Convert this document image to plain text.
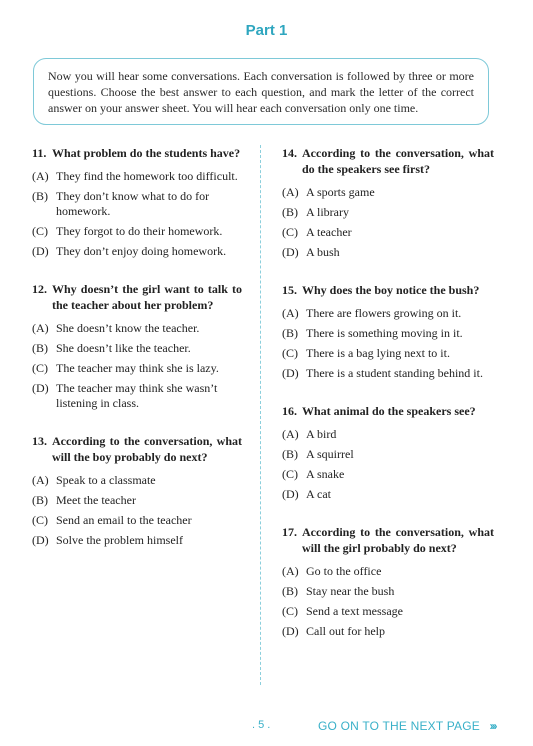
Part 1
Now you will hear some conversations. Each conversation is followed by three or more questions. Choose the best answer to each question, and mark the letter of the correct answer on your answer sheet. You will hear each conversation only one time.
11. What problem do the students have?
(A) They find the homework too difficult.
(B) They don’t know what to do for homework.
(C) They forgot to do their homework.
(D) They don’t enjoy doing homework.
12. Why doesn’t the girl want to talk to the teacher about her problem?
(A) She doesn’t know the teacher.
(B) She doesn’t like the teacher.
(C) The teacher may think she is lazy.
(D) The teacher may think she wasn’t listening in class.
13. According to the conversation, what will the boy probably do next?
(A) Speak to a classmate
(B) Meet the teacher
(C) Send an email to the teacher
(D) Solve the problem himself
14. According to the conversation, what do the speakers see first?
(A) A sports game
(B) A library
(C) A teacher
(D) A bush
15. Why does the boy notice the bush?
(A) There are flowers growing on it.
(B) There is something moving in it.
(C) There is a bag lying next to it.
(D) There is a student standing behind it.
16. What animal do the speakers see?
(A) A bird
(B) A squirrel
(C) A snake
(D) A cat
17. According to the conversation, what will the girl probably do next?
(A) Go to the office
(B) Stay near the bush
(C) Send a text message
(D) Call out for help
. 5 .	GO ON TO THE NEXT PAGE ›››
